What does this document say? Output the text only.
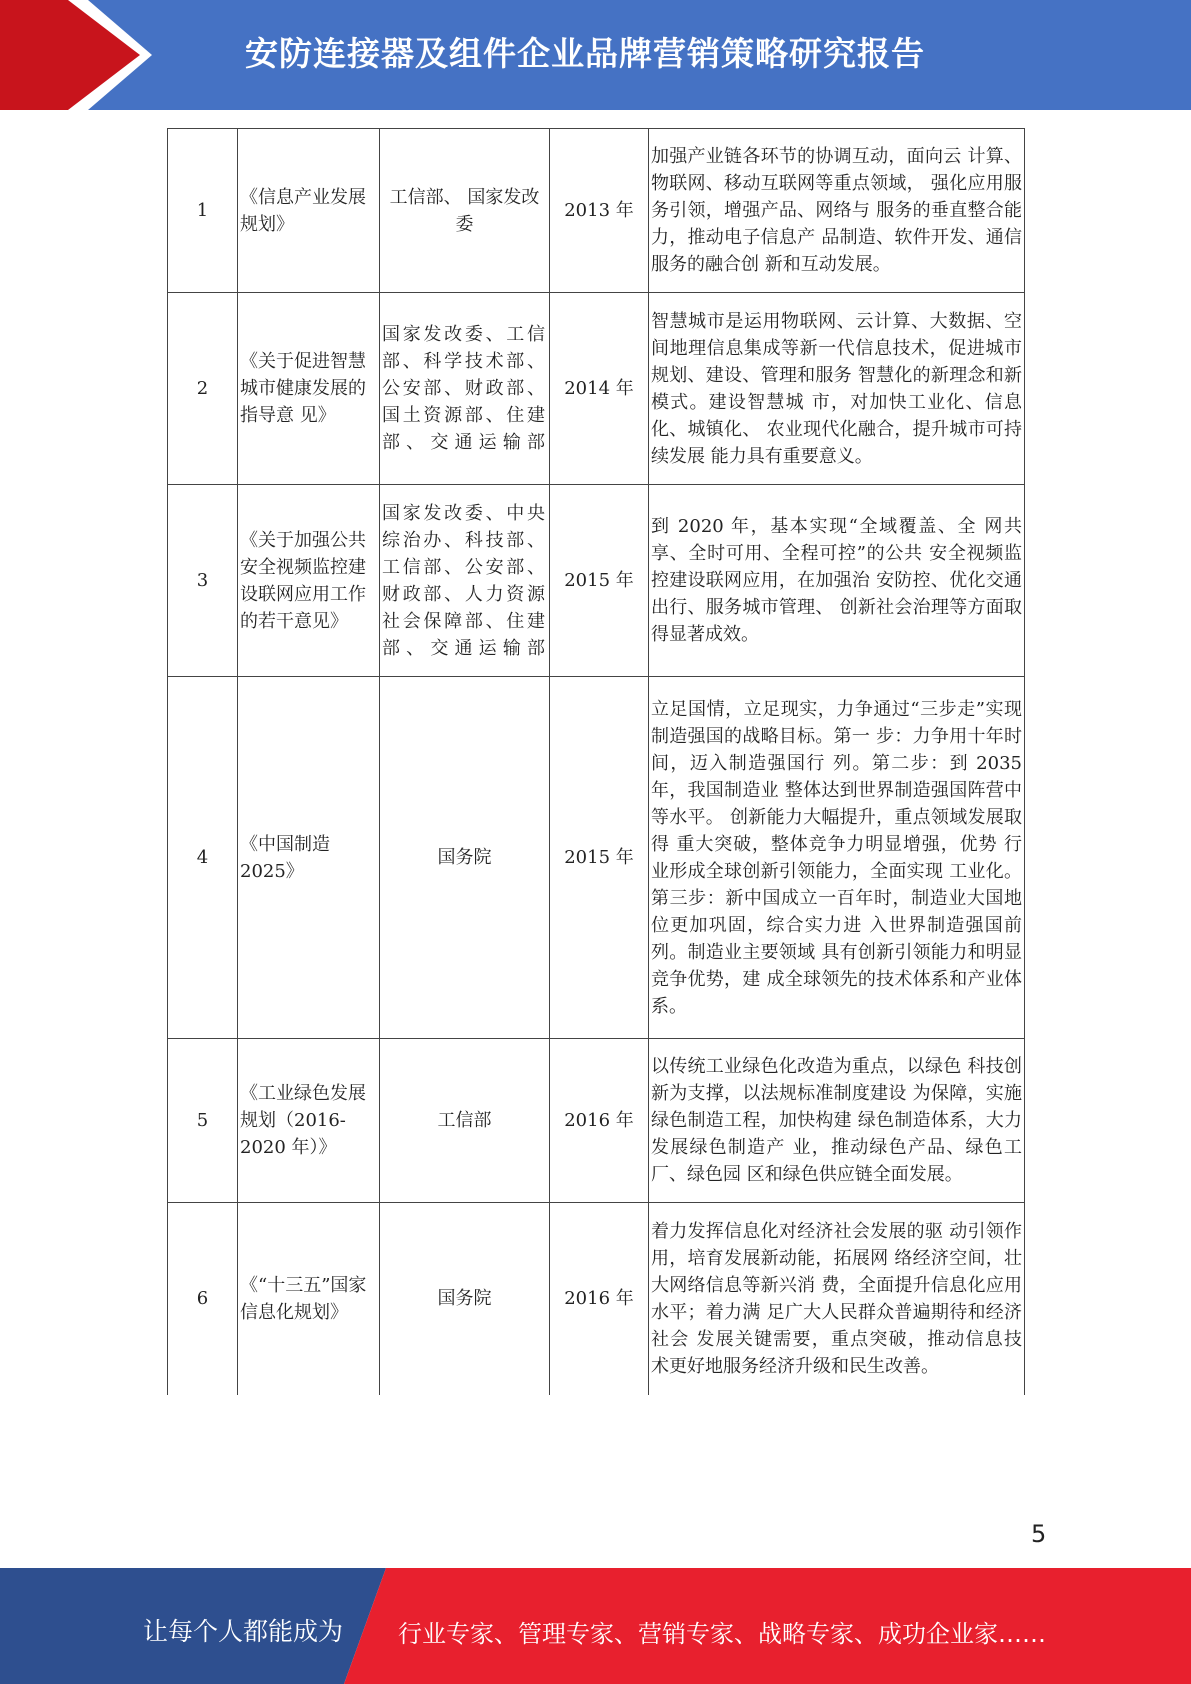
安防连接器及组件企业品牌营销策略研究报告
1	《信息产业发展规划》	工信部、 国家发改委	2013 年	加强产业链各环节的协调互动，面向云 计算、物联网、移动互联网等重点领域， 强化应用服务引领，增强产品、网络与 服务的垂直整合能力，推动电子信息产 品制造、软件开发、通信服务的融合创 新和互动发展。
2	《关于促进智慧城市健康发展的指导意 见》	国家发改委、工信部、科学技术部、公安部、财政部、国土资源部、住建部、交通运输部	2014 年	智慧城市是运用物联网、云计算、大数据、空间地理信息集成等新一代信息技术，促进城市规划、建设、管理和服务 智慧化的新理念和新模式。建设智慧城 市，对加快工业化、信息化、城镇化、 农业现代化融合，提升城市可持续发展 能力具有重要意义。
3	《关于加强公共安全视频监控建设联网应用工作的若干意见》	国家发改委、中央综治办、科技部、工信部、公安部、财政部、人力资源社会保障部、住建部、交通运输部	2015 年	到 2020 年，基本实现“全域覆盖、全 网共享、全时可用、全程可控”的公共 安全视频监控建设联网应用，在加强治 安防控、优化交通出行、服务城市管理、 创新社会治理等方面取得显著成效。
4	《中国制造 2025》	国务院	2015 年	立足国情，立足现实，力争通过“三步走”实现制造强国的战略目标。第一 步：力争用十年时间，迈入制造强国行 列。第二步：到 2035 年，我国制造业 整体达到世界制造强国阵营中等水平。 创新能力大幅提升，重点领域发展取得 重大突破，整体竞争力明显增强，优势 行业形成全球创新引领能力，全面实现 工业化。第三步：新中国成立一百年时，制造业大国地位更加巩固，综合实力进 入世界制造强国前列。制造业主要领域 具有创新引领能力和明显竞争优势，建 成全球领先的技术体系和产业体系。
5	《工业绿色发展规划（2016-2020 年）》	工信部	2016 年	以传统工业绿色化改造为重点，以绿色 科技创新为支撑，以法规标准制度建设 为保障，实施绿色制造工程，加快构建 绿色制造体系，大力发展绿色制造产 业，推动绿色产品、绿色工厂、绿色园 区和绿色供应链全面发展。
6	《“十三五”国家信息化规划》	国务院	2016 年	着力发挥信息化对经济社会发展的驱 动引领作用，培育发展新动能，拓展网 络经济空间，壮大网络信息等新兴消 费，全面提升信息化应用水平；着力满 足广大人民群众普遍期待和经济社会 发展关键需要，重点突破，推动信息技 术更好地服务经济升级和民生改善。
5
让每个人都能成为 行业专家、管理专家、营销专家、战略专家、成功企业家……
